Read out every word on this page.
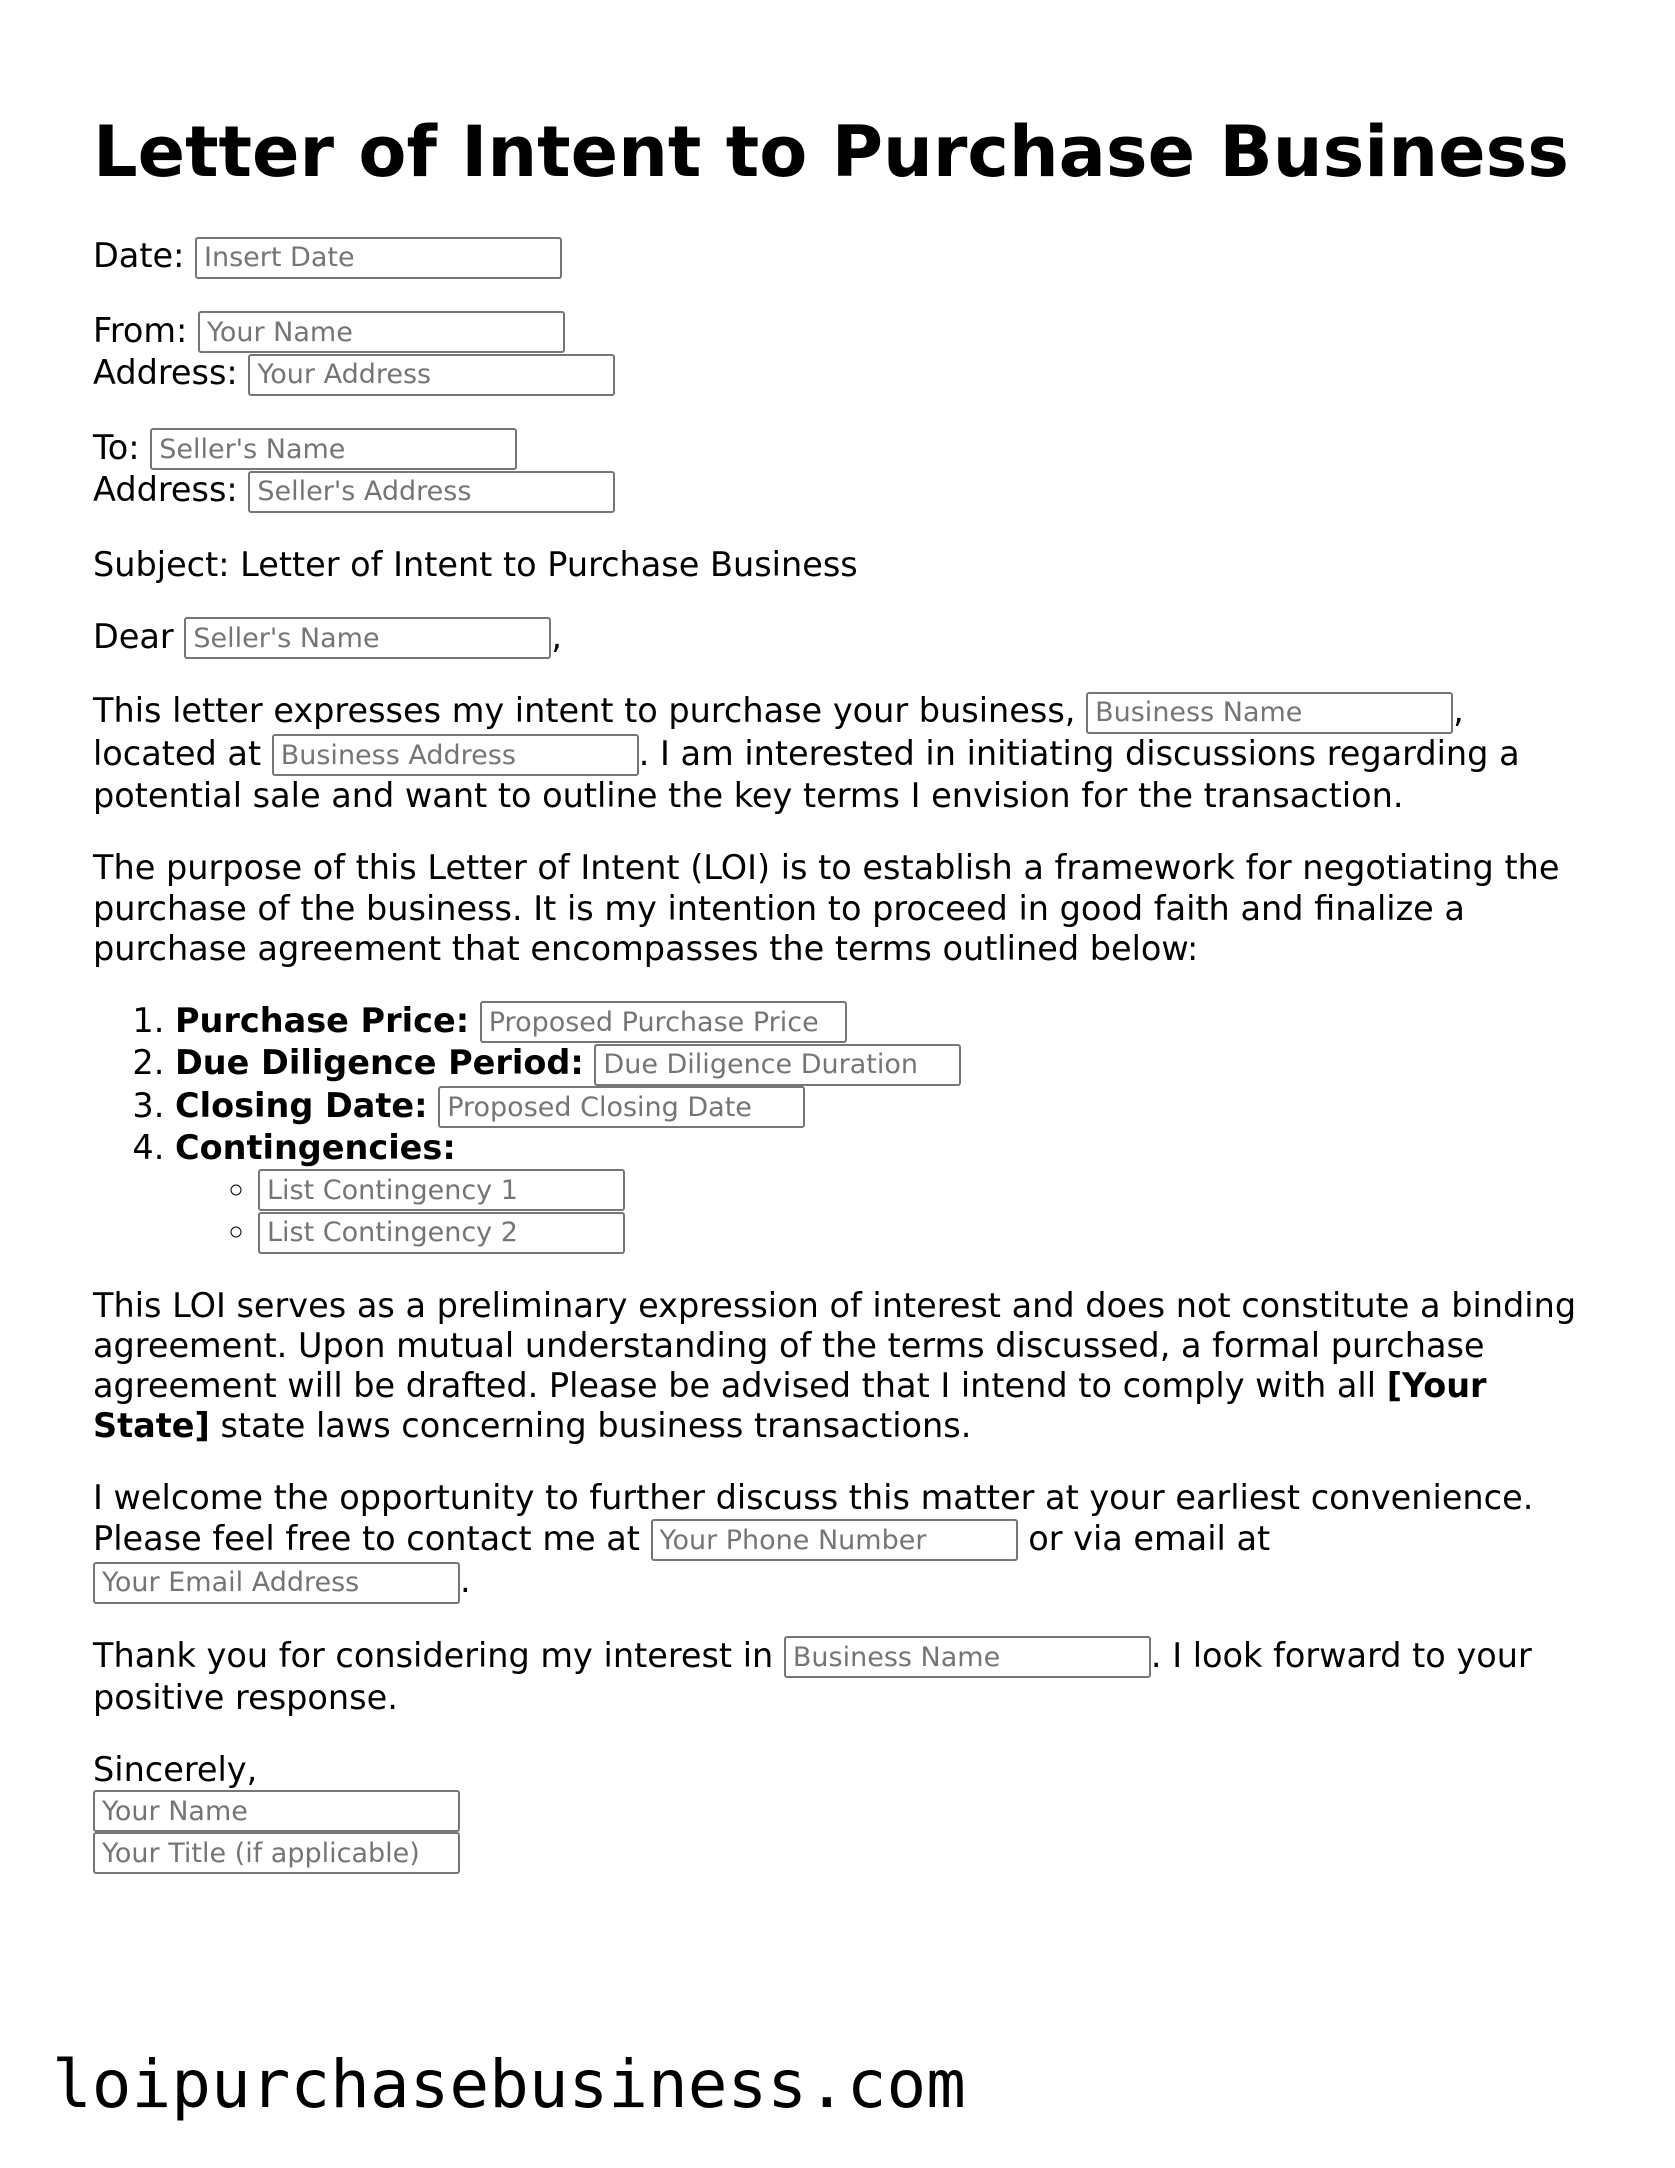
Letter of Intent to Purchase Business

Date: Insert Date

From: Your Name
Address: Your Address

To: Seller's Name
Address: Seller's Address

Subject: Letter of Intent to Purchase Business

Dear Seller's Name	,

This letter expresses my intent to purchase your business, Business Name	, located at Business Address	. I am interested in initiating discussions regarding a potential sale and want to outline the key terms I envision for the transaction.

The purpose of this Letter of Intent (LOI) is to establish a framework for negotiating the purchase of the business. It is my intention to proceed in good faith and finalize a purchase agreement that encompasses the terms outlined below:

1. Purchase Price: Proposed Purchase Price
2. Due Diligence Period: Due Diligence Duration
3. Closing Date: Proposed Closing Date
4. Contingencies:
◦ List Contingency 1
◦ List Contingency 2

This LOI serves as a preliminary expression of interest and does not constitute a binding agreement. Upon mutual understanding of the terms discussed, a formal purchase agreement will be drafted. Please be advised that I intend to comply with all [Your State] state laws concerning business transactions.

I welcome the opportunity to further discuss this matter at your earliest convenience. Please feel free to contact me at Your Phone Number	or via email at Your Email Address.

Thank you for considering my interest in Business Name	. I look forward to your positive response.

Sincerely,

Your Name
Your Title (if applicable)

loipurchasebusiness.com
